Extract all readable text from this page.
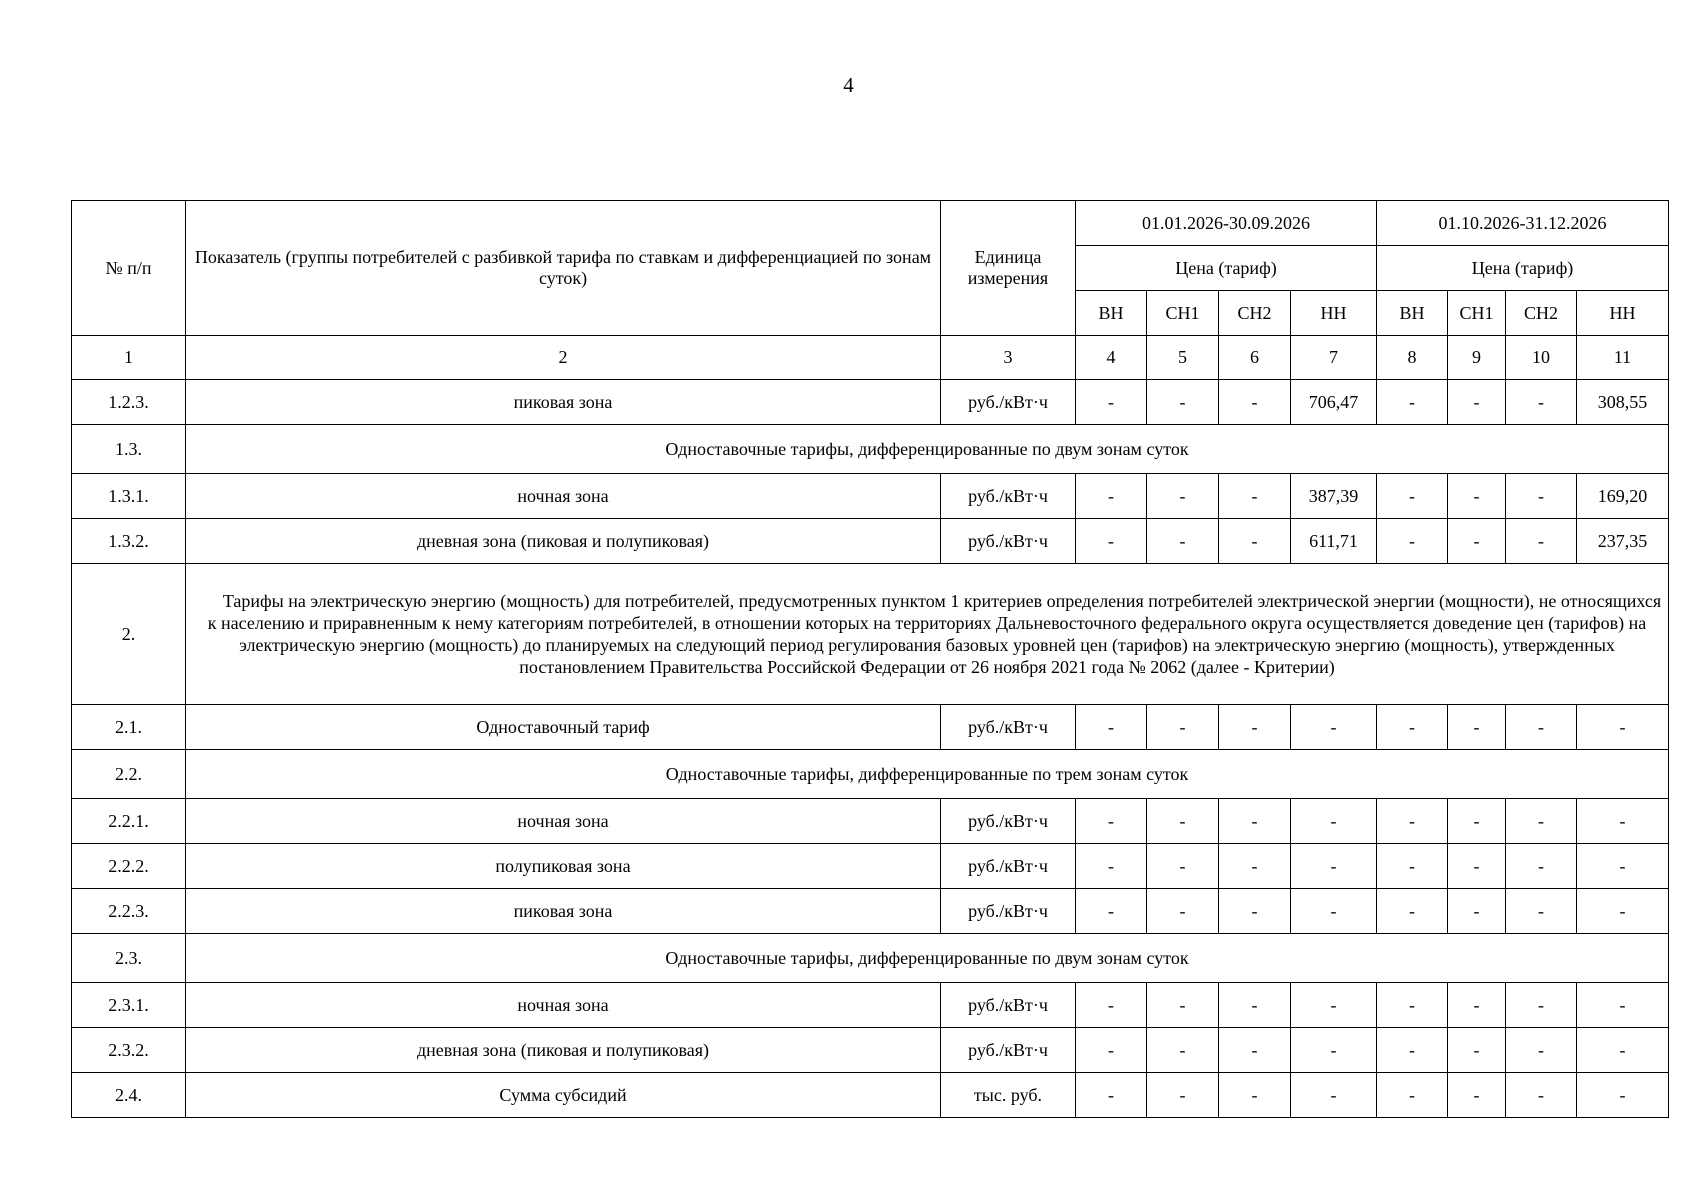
4
№ п/п	Показатель (группы потребителей с разбивкой тарифа по ставкам и дифференциацией по зонам суток)	Единица измерения	01.01.2026-30.09.2026				01.10.2026-31.12.2026			
			Цена (тариф)				Цена (тариф)			
			ВН	СН1	СН2	НН	ВН	СН1	СН2	НН
1	2	3	4	5	6	7	8	9	10	11
1.2.3.	пиковая зона	руб./кВт·ч	-	-	-	706,47	-	-	-	308,55
1.3.	Одноставочные тарифы, дифференцированные по двум зонам суток									
1.3.1.	ночная зона	руб./кВт·ч	-	-	-	387,39	-	-	-	169,20
1.3.2.	дневная зона (пиковая и полупиковая)	руб./кВт·ч	-	-	-	611,71	-	-	-	237,35
2.	Тарифы на электрическую энергию (мощность) для потребителей, предусмотренных пунктом 1 критериев определения потребителей электрической энергии (мощности), не относящихся к населению и приравненным к нему категориям потребителей, в отношении которых на территориях Дальневосточного федерального округа осуществляется доведение цен (тарифов) на электрическую энергию (мощность) до планируемых на следующий период регулирования базовых уровней цен (тарифов) на электрическую энергию (мощность), утвержденных постановлением Правительства Российской Федерации от 26 ноября 2021 года № 2062 (далее - Критерии)									
2.1.	Одноставочный тариф	руб./кВт·ч	-	-	-	-	-	-	-	-
2.2.	Одноставочные тарифы, дифференцированные по трем зонам суток									
2.2.1.	ночная зона	руб./кВт·ч	-	-	-	-	-	-	-	-
2.2.2.	полупиковая зона	руб./кВт·ч	-	-	-	-	-	-	-	-
2.2.3.	пиковая зона	руб./кВт·ч	-	-	-	-	-	-	-	-
2.3.	Одноставочные тарифы, дифференцированные по двум зонам суток									
2.3.1.	ночная зона	руб./кВт·ч	-	-	-	-	-	-	-	-
2.3.2.	дневная зона (пиковая и полупиковая)	руб./кВт·ч	-	-	-	-	-	-	-	-
2.4.	Сумма субсидий	тыс. руб.	-	-	-	-	-	-	-	-
